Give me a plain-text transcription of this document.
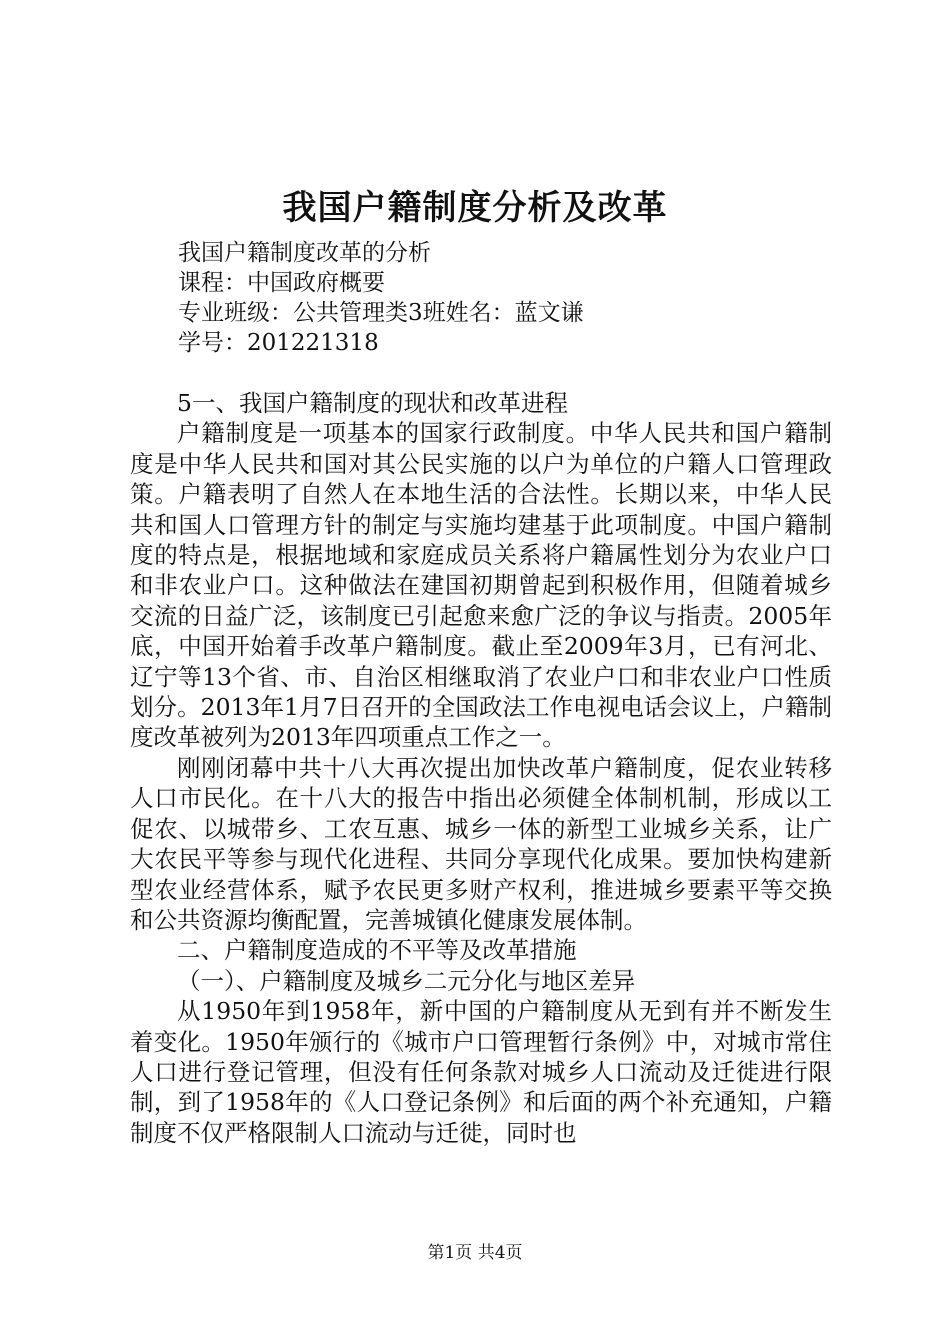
我国户籍制度分析及改革
我国户籍制度改革的分析
课程：中国政府概要
专业班级：公共管理类3班姓名：蓝文谦
学号：201221318
5一、我国户籍制度的现状和改革进程

户籍制度是一项基本的国家行政制度。中华人民共和国户籍制度是中华人民共和国对其公民实施的以户为单位的户籍人口管理政策。户籍表明了自然人在本地生活的合法性。长期以来，中华人民共和国人口管理方针的制定与实施均建基于此项制度。中国户籍制度的特点是，根据地域和家庭成员关系将户籍属性划分为农业户口和非农业户口。这种做法在建国初期曾起到积极作用，但随着城乡交流的日益广泛，该制度已引起愈来愈广泛的争议与指责。2005年底，中国开始着手改革户籍制度。截止至2009年3月，已有河北、辽宁等13个省、市、自治区相继取消了农业户口和非农业户口性质划分。2013年1月7日召开的全国政法工作电视电话会议上，户籍制度改革被列为2013年四项重点工作之一。

刚刚闭幕中共十八大再次提出加快改革户籍制度，促农业转移人口市民化。在十八大的报告中指出必须健全体制机制，形成以工促农、以城带乡、工农互惠、城乡一体的新型工业城乡关系，让广大农民平等参与现代化进程、共同分享现代化成果。要加快构建新型农业经营体系，赋予农民更多财产权利，推进城乡要素平等交换和公共资源均衡配置，完善城镇化健康发展体制。

二、户籍制度造成的不平等及改革措施
（一）、户籍制度及城乡二元分化与地区差异

从1950年到1958年，新中国的户籍制度从无到有并不断发生着变化。1950年颁行的《城市户口管理暂行条例》中，对城市常住人口进行登记管理，但没有任何条款对城乡人口流动及迁徙进行限制，到了1958年的《人口登记条例》和后面的两个补充通知，户籍制度不仅严格限制人口流动与迁徙，同时也

第1页 共4页
